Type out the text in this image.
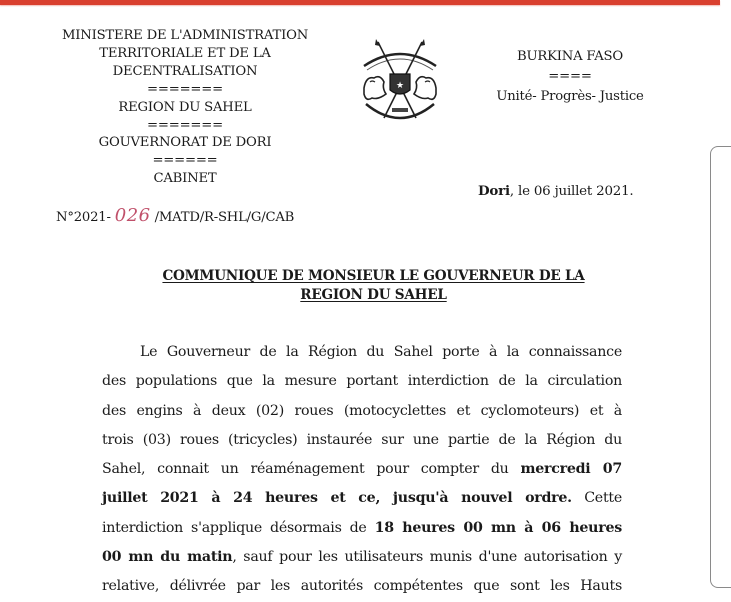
MINISTERE DE L'ADMINISTRATION
TERRITORIALE ET DE LA
DECENTRALISATION
=======
REGION DU SAHEL
=======
GOUVERNORAT DE DORI
======
CABINET
N°2021- 026 /MATD/R-SHL/G/CAB
★
BURKINA FASO
====
Unité- Progrès- Justice
Dori, le 06 juillet 2021.
COMMUNIQUE DE MONSIEUR LE GOUVERNEUR DE LA
REGION DU SAHEL
Le Gouverneur de la Région du Sahel porte à la connaissance
des populations que la mesure portant interdiction de la circulation
des engins à deux (02) roues (motocyclettes et cyclomoteurs) et à
trois (03) roues (tricycles) instaurée sur une partie de la Région du
Sahel, connait un réaménagement pour compter du mercredi 07
juillet 2021 à 24 heures et ce, jusqu'à nouvel ordre. Cette
interdiction s'applique désormais de 18 heures 00 mn à 06 heures
00 mn du matin, sauf pour les utilisateurs munis d'une autorisation y
relative, délivrée par les autorités compétentes que sont les Hauts
